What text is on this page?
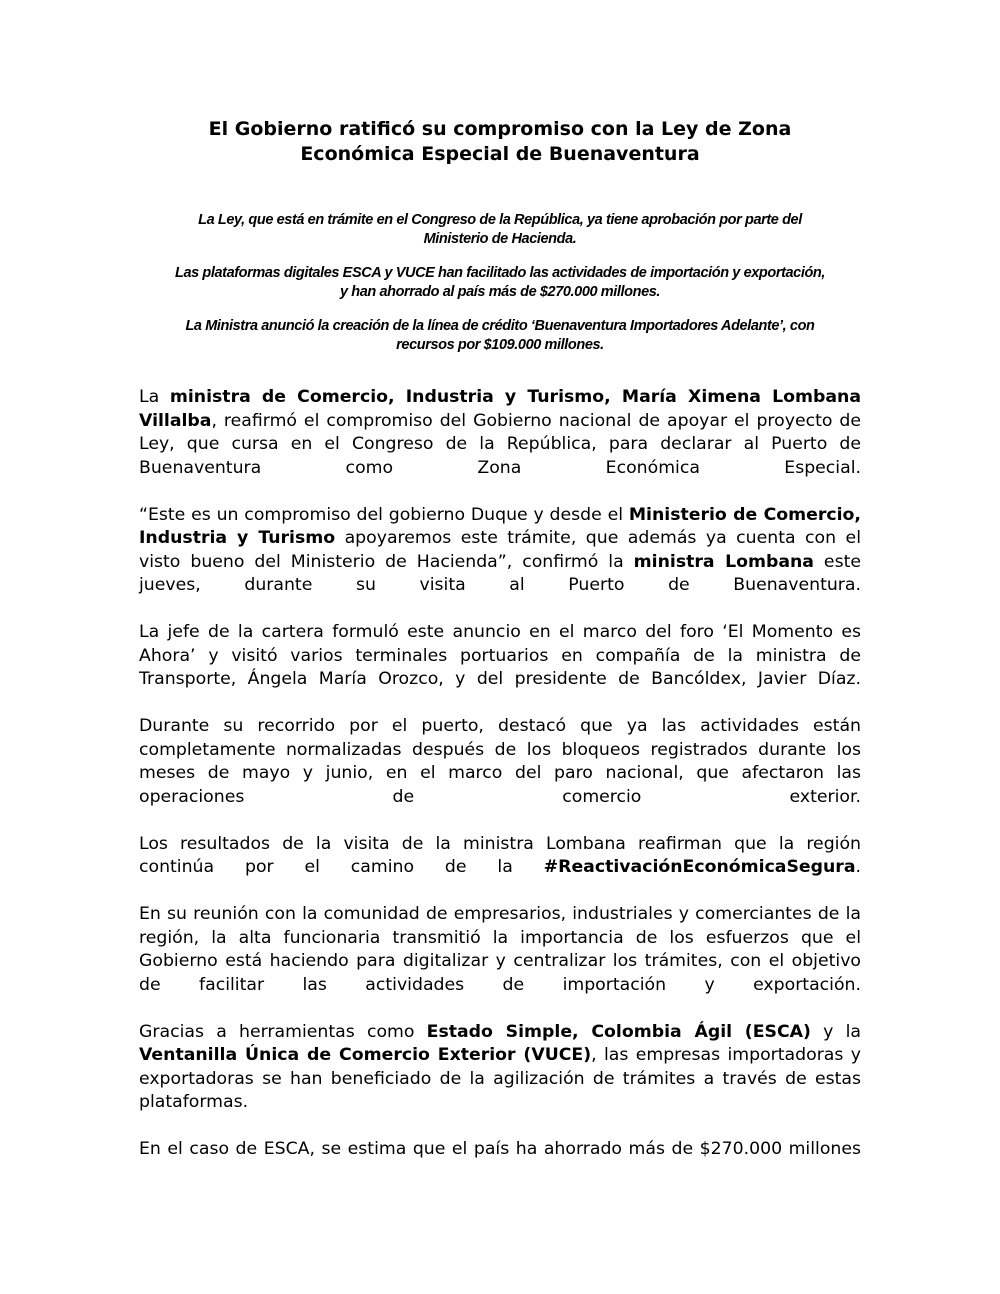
El Gobierno ratificó su compromiso con la Ley de Zona
Económica Especial de Buenaventura

La Ley, que está en trámite en el Congreso de la República, ya tiene aprobación por parte del
Ministerio de Hacienda.

Las plataformas digitales ESCA y VUCE han facilitado las actividades de importación y exportación,
y han ahorrado al país más de $270.000 millones.

La Ministra anunció la creación de la línea de crédito ‘Buenaventura Importadores Adelante’, con
recursos por $109.000 millones.

La ministra de Comercio, Industria y Turismo, María Ximena Lombana Villalba, reafirmó el compromiso del Gobierno nacional de apoyar el proyecto de Ley, que cursa en el Congreso de la República, para declarar al Puerto de Buenaventura como Zona Económica Especial.

“Este es un compromiso del gobierno Duque y desde el Ministerio de Comercio, Industria y Turismo apoyaremos este trámite, que además ya cuenta con el visto bueno del Ministerio de Hacienda”, confirmó la ministra Lombana este jueves, durante su visita al Puerto de Buenaventura.

La jefe de la cartera formuló este anuncio en el marco del foro ‘El Momento es Ahora’ y visitó varios terminales portuarios en compañía de la ministra de Transporte, Ángela María Orozco, y del presidente de Bancóldex, Javier Díaz.

Durante su recorrido por el puerto, destacó que ya las actividades están completamente normalizadas después de los bloqueos registrados durante los meses de mayo y junio, en el marco del paro nacional, que afectaron las operaciones de comercio exterior.

Los resultados de la visita de la ministra Lombana reafirman que la región continúa por el camino de la #ReactivaciónEconómicaSegura.

En su reunión con la comunidad de empresarios, industriales y comerciantes de la región, la alta funcionaria transmitió la importancia de los esfuerzos que el Gobierno está haciendo para digitalizar y centralizar los trámites, con el objetivo de facilitar las actividades de importación y exportación.

Gracias a herramientas como Estado Simple, Colombia Ágil (ESCA) y la Ventanilla Única de Comercio Exterior (VUCE), las empresas importadoras y exportadoras se han beneficiado de la agilización de trámites a través de estas plataformas.

En el caso de ESCA, se estima que el país ha ahorrado más de $270.000 millones
